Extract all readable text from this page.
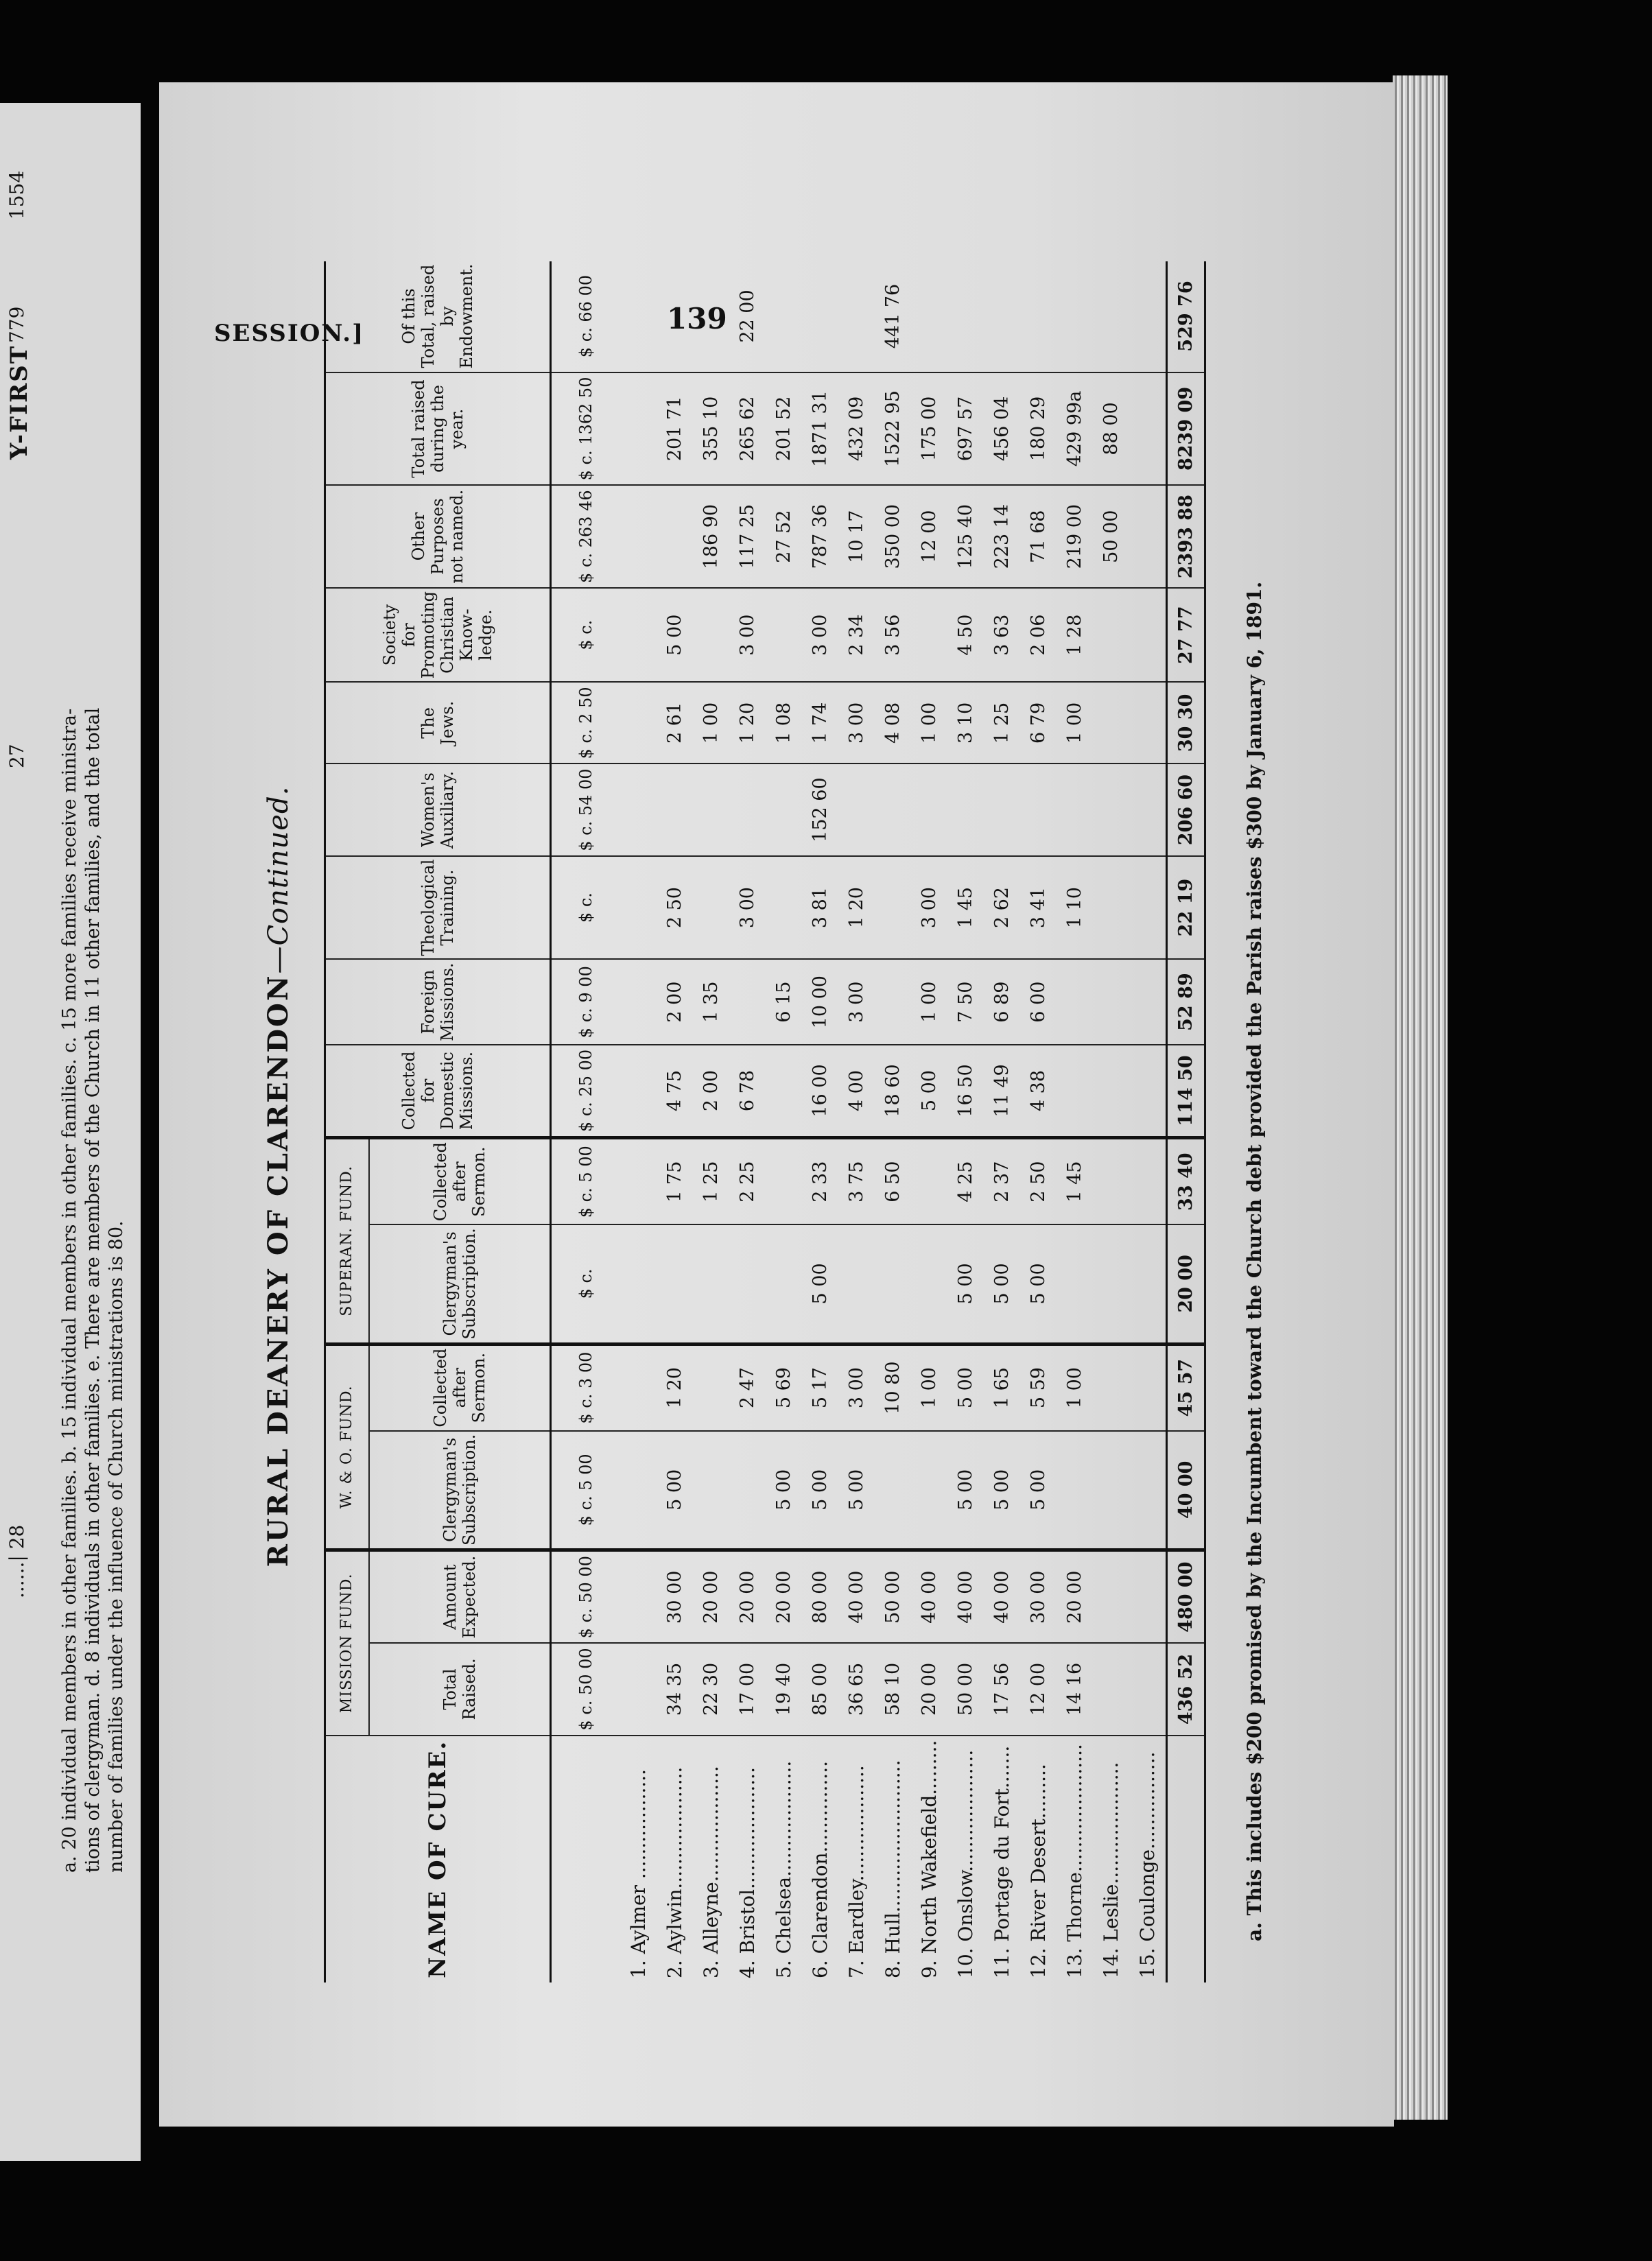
Y-FIRST
......| 28
27
779
1554
a. 20 individual members in other families. b. 15 individual members in other families. c. 15 more families receive ministra- tions of clergyman. d. 8 individuals in other families. e. There are members of the Church in 11 other families, and the total number of families under the influence of Church ministrations is 80.
SESSION.]	139
RURAL DEANERY OF CLARENDON—Continued.
NAME OF CURE.	MISSION FUND.		W. & O. FUND.		SUPERAN. FUND.		Collected for Domestic Missions.	Foreign Missions.	Theological Training.	Women's Auxiliary.	The Jews.	Society for Promoting Christian Know- ledge.	Other Purposes not named.	Total raised during the year.	Of this Total, raised by Endowment.
	Total Raised.	Amount Expected.	Clergyman's Subscription.	Collected after Sermon.	Clergyman's Subscription.	Collected after Sermon.									
	$ c. 50 00	$ c. 50 00	$ c. 5 00	$ c. 3 00	$ c.	$ c. 5 00	$ c. 25 00	$ c. 9 00	$ c.	$ c. 54 00	$ c. 2 50	$ c.	$ c. 263 46	$ c. 1362 50	$ c. 66 00
1. Aylmer ..................															
2. Aylwin....................	34 35	30 00	5 00	1 20		1 75	4 75	2 00	2 50		2 61	5 00		201 71	
3. Alleyne...................	22 30	20 00				1 25	2 00	1 35			1 00		186 90	355 10	
4. Bristol....................	17 00	20 00		2 47		2 25	6 78		3 00		1 20	3 00	117 25	265 62	22 00
5. Chelsea...................	19 40	20 00	5 00	5 69				6 15			1 08		27 52	201 52	
6. Clarendon...............	85 00	80 00	5 00	5 17	5 00	2 33	16 00	10 00	3 81	152 60	1 74	3 00	787 36	1871 31	
7. Eardley...................	36 65	40 00	5 00	3 00		3 75	4 00	3 00	1 20		3 00	2 34	10 17	432 09	
8. Hull.........................	58 10	50 00		10 80		6 50	18 60				4 08	3 56	350 00	1522 95	441 76
9. North Wakefield.........	20 00	40 00		1 00			5 00	1 00	3 00		1 00		12 00	175 00	
10. Onslow....................	50 00	40 00	5 00	5 00	5 00	4 25	16 50	7 50	1 45		3 10	4 50	125 40	697 57	
11. Portage du Fort.......	17 56	40 00	5 00	1 65	5 00	2 37	11 49	6 89	2 62		1 25	3 63	223 14	456 04	
12. River Desert.........	12 00	30 00	5 00	5 59	5 00	2 50	4 38	6 00	3 41		6 79	2 06	71 68	180 29	
13. Thorne.....................	14 16	20 00		1 00		1 45			1 10		1 00	1 28	219 00	429 99a	
14. Leslie....................													50 00	88 00	
15. Coulonge................															
	436 52	480 00	40 00	45 57	20 00	33 40	114 50	52 89	22 19	206 60	30 30	27 77	2393 88	8239 09	529 76
a. This includes $200 promised by the Incumbent toward the Church debt provided the Parish raises $300 by January 6, 1891.
